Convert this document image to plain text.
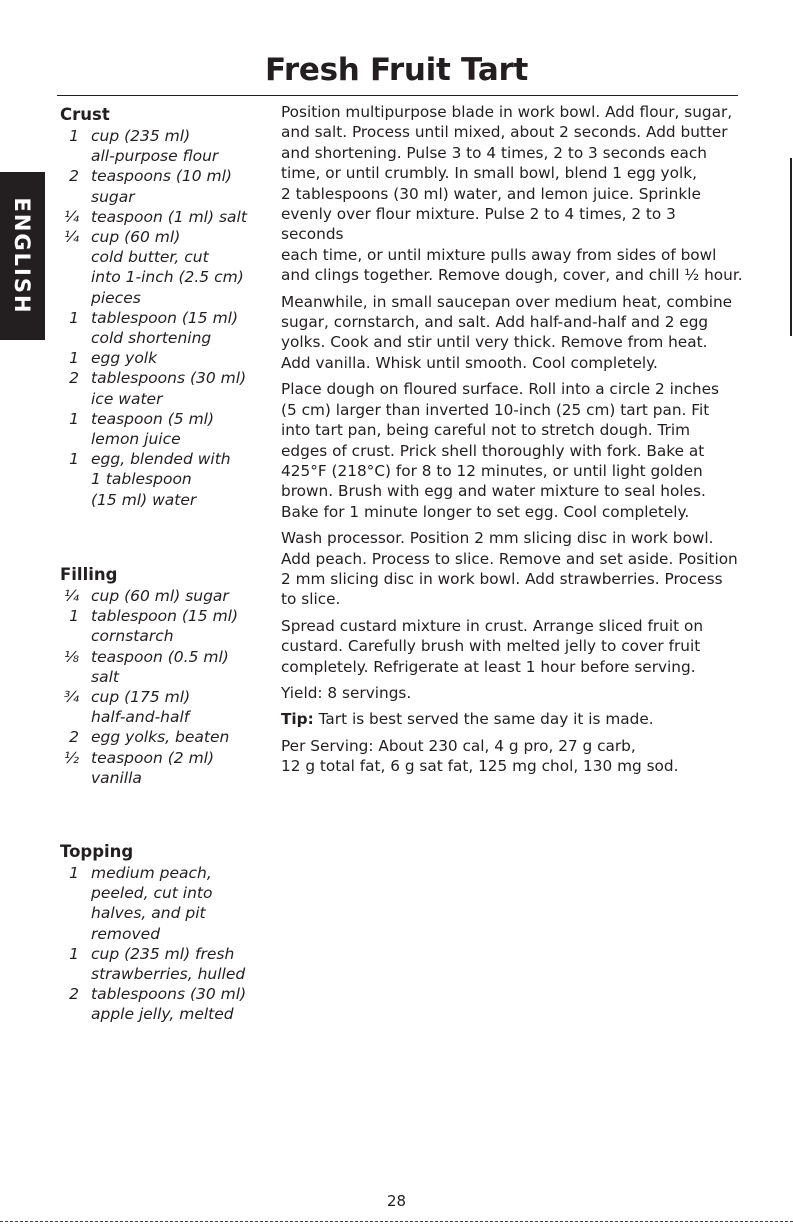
Fresh Fruit Tart
ENGLISH
Crust
1 cup (235 ml)
all-purpose flour
2 teaspoons (10 ml)
sugar
¼ teaspoon (1 ml) salt
¼ cup (60 ml)
cold butter, cut
into 1-inch (2.5 cm)
pieces
1 tablespoon (15 ml)
cold shortening
1 egg yolk
2 tablespoons (30 ml)
ice water
1 teaspoon (5 ml)
lemon juice
1 egg, blended with
1 tablespoon
(15 ml) water
Filling
¼ cup (60 ml) sugar
1 tablespoon (15 ml)
cornstarch
⅛ teaspoon (0.5 ml)
salt
¾ cup (175 ml)
half-and-half
2 egg yolks, beaten
½ teaspoon (2 ml)
vanilla
Topping
1 medium peach,
peeled, cut into
halves, and pit
removed
1 cup (235 ml) fresh
strawberries, hulled
2 tablespoons (30 ml)
apple jelly, melted

Position multipurpose blade in work bowl. Add flour, sugar,
and salt. Process until mixed, about 2 seconds. Add butter
and shortening. Pulse 3 to 4 times, 2 to 3 seconds each
time, or until crumbly. In small bowl, blend 1 egg yolk,
2 tablespoons (30 ml) water, and lemon juice. Sprinkle
evenly over flour mixture. Pulse 2 to 4 times, 2 to 3 seconds
each time, or until mixture pulls away from sides of bowl
and clings together. Remove dough, cover, and chill ½ hour.

Meanwhile, in small saucepan over medium heat, combine
sugar, cornstarch, and salt. Add half-and-half and 2 egg
yolks. Cook and stir until very thick. Remove from heat.
Add vanilla. Whisk until smooth. Cool completely.

Place dough on floured surface. Roll into a circle 2 inches
(5 cm) larger than inverted 10-inch (25 cm) tart pan. Fit
into tart pan, being careful not to stretch dough. Trim
edges of crust. Prick shell thoroughly with fork. Bake at
425°F (218°C) for 8 to 12 minutes, or until light golden
brown. Brush with egg and water mixture to seal holes.
Bake for 1 minute longer to set egg. Cool completely.

Wash processor. Position 2 mm slicing disc in work bowl.
Add peach. Process to slice. Remove and set aside. Position
2 mm slicing disc in work bowl. Add strawberries. Process
to slice.

Spread custard mixture in crust. Arrange sliced fruit on
custard. Carefully brush with melted jelly to cover fruit
completely. Refrigerate at least 1 hour before serving.

Yield: 8 servings.

Tip: Tart is best served the same day it is made.

Per Serving: About 230 cal, 4 g pro, 27 g carb,
12 g total fat, 6 g sat fat, 125 mg chol, 130 mg sod.

28
